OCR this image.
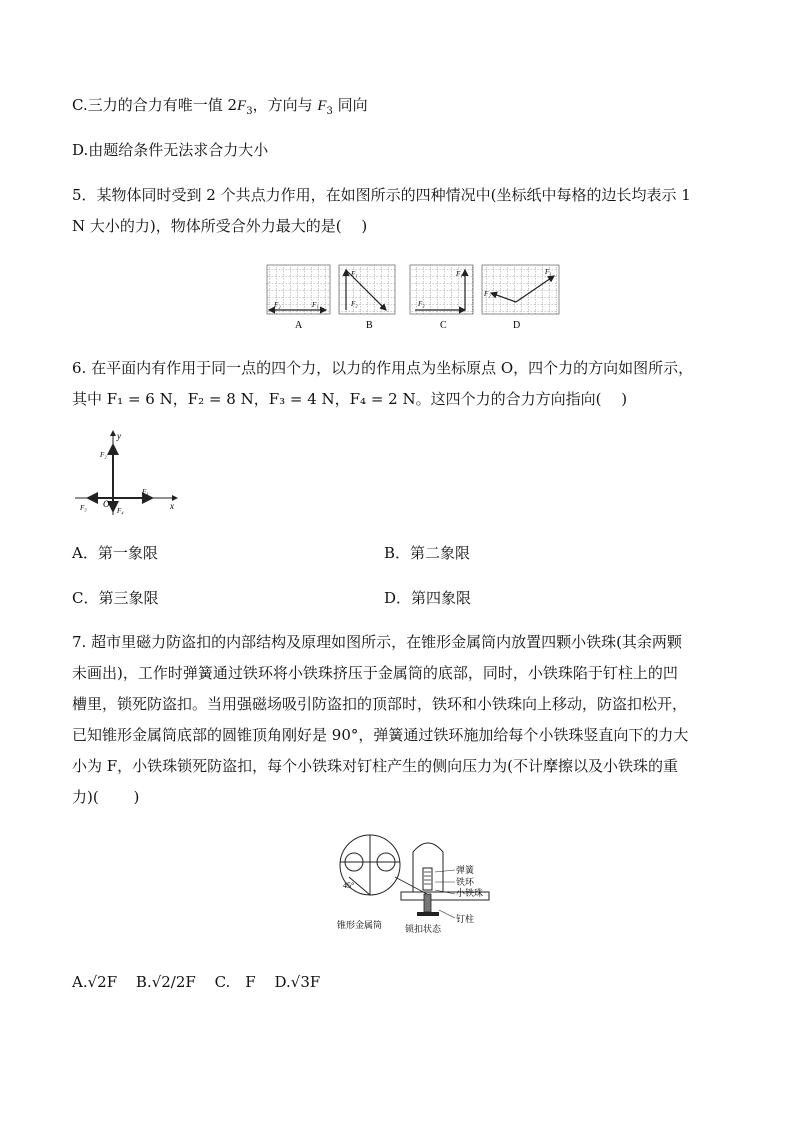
C.三力的合力有唯一值 $2F_3$，方向与 $F_3$ 同向
D.由题给条件无法求合力大小
5．某物体同时受到 2 个共点力作用，在如图所示的四种情况中(坐标纸中每格的边长均表示 1
N 大小的力)，物体所受合外力最大的是(　 )
F₂	F₁
A
F₁
F₂
B
F₁
F₂
C
F₂
F₁
D
6. 在平面内有作用于同一点的四个力，以力的作用点为坐标原点 O，四个力的方向如图所示，
其中 F₁ = 6 N，F₂ = 8 N，F₃ = 4 N，F₄ = 2 N。这四个力的合力方向指向(　 )
y
x
O
F₂
F₁
F₃	F₄
A．第一象限	B．第二象限
C．第三象限	D．第四象限
7. 超市里磁力防盗扣的内部结构及原理如图所示，在锥形金属筒内放置四颗小铁珠(其余两颗
未画出)，工作时弹簧通过铁环将小铁珠挤压于金属筒的底部，同时，小铁珠陷于钉柱上的凹
槽里，锁死防盗扣。当用强磁场吸引防盗扣的顶部时，铁环和小铁珠向上移动，防盗扣松开，
已知锥形金属筒底部的圆锥顶角刚好是 90°，弹簧通过铁环施加给每个小铁珠竖直向下的力大
小为 F，小铁珠锁死防盗扣，每个小铁珠对钉柱产生的侧向压力为(不计摩擦以及小铁珠的重
力)(　 　)
45°
弹簧
铁环
小铁珠
钉柱
锥形金属筒	锁扣状态
A.√2F B.√2/2F C.　F D.√3F
